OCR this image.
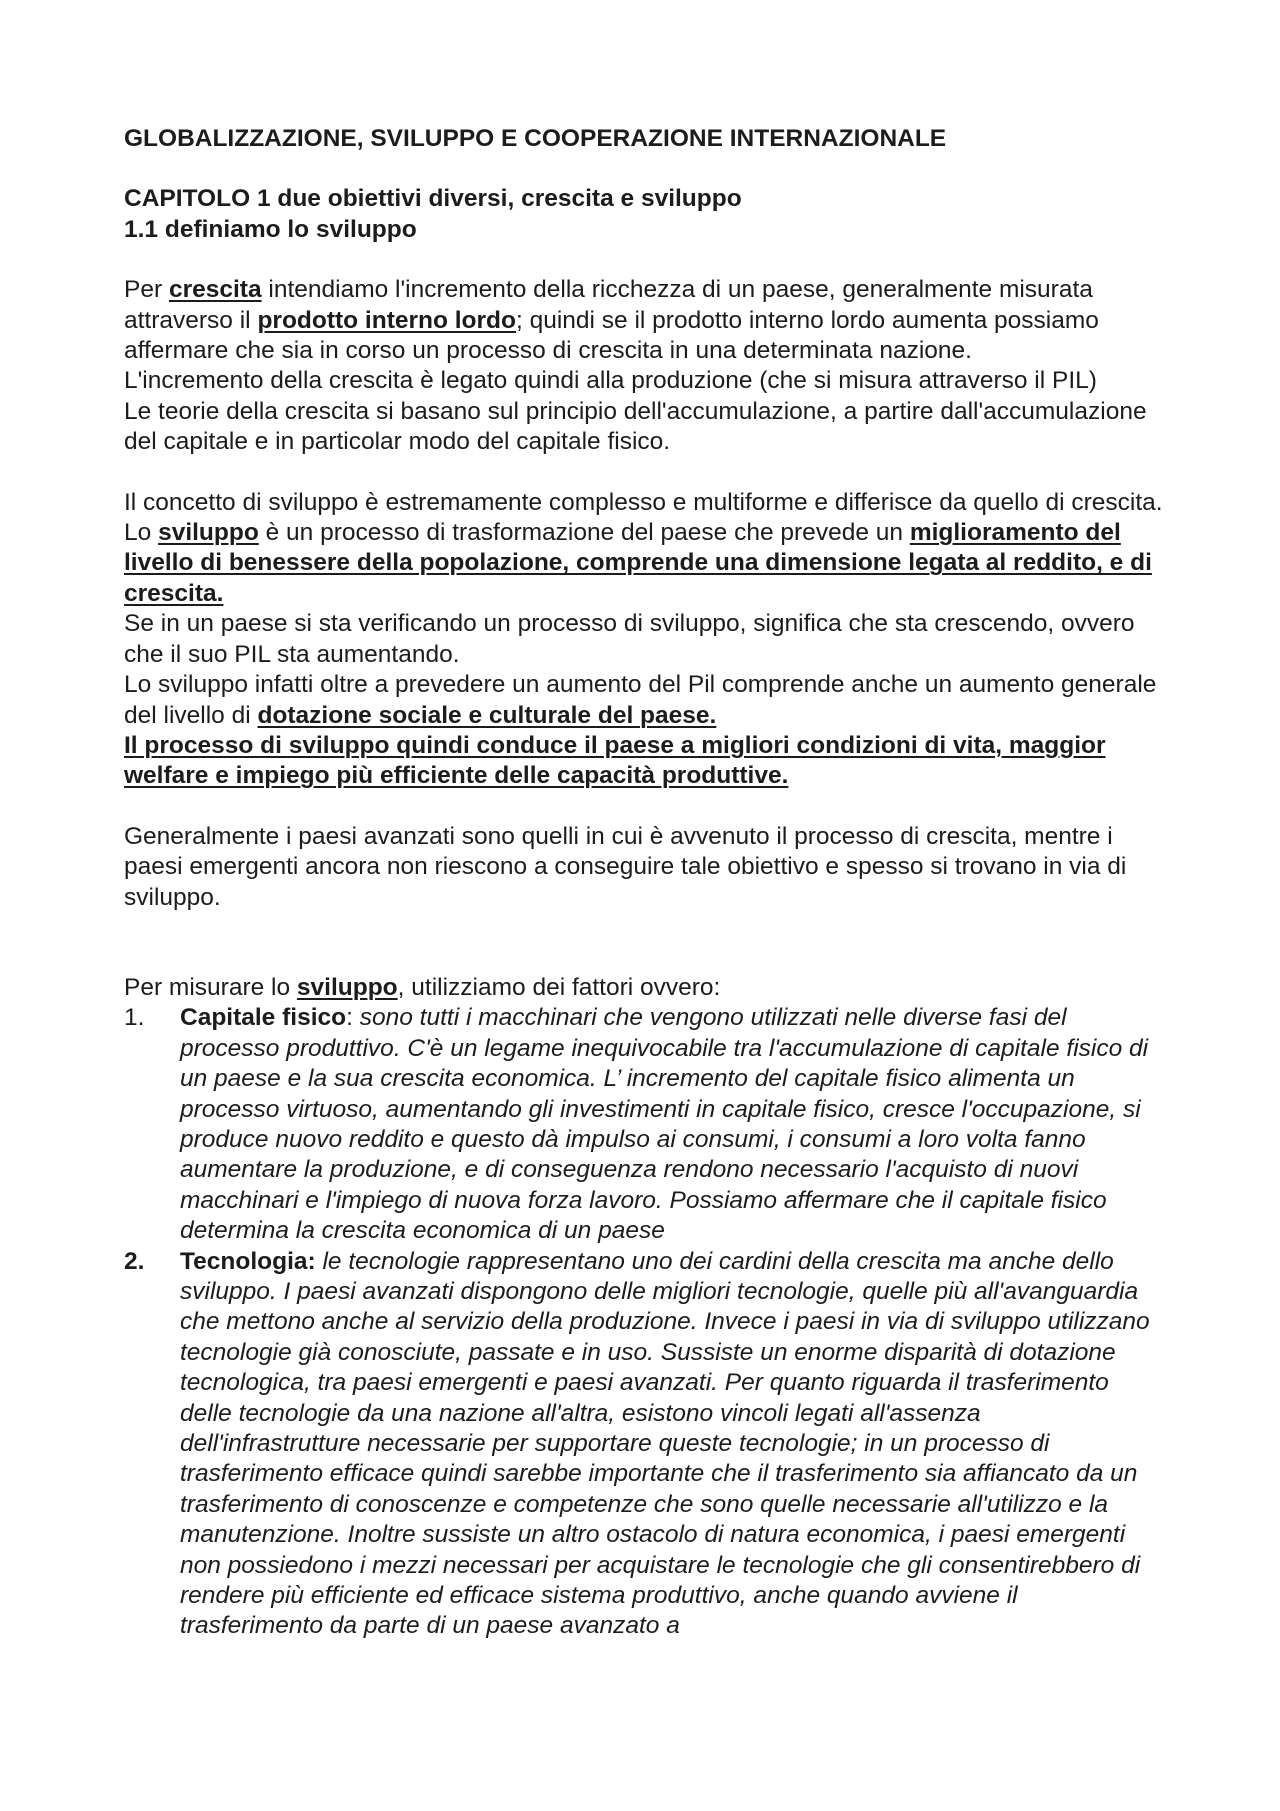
GLOBALIZZAZIONE, SVILUPPO E COOPERAZIONE INTERNAZIONALE

CAPITOLO 1 due obiettivi diversi, crescita e sviluppo

1.1 definiamo lo sviluppo

Per crescita intendiamo l'incremento della ricchezza di un paese, generalmente misurata attraverso il prodotto interno lordo; quindi se il prodotto interno lordo aumenta possiamo affermare che sia in corso un processo di crescita in una determinata nazione.

L'incremento della crescita è legato quindi alla produzione (che si misura attraverso il PIL)

Le teorie della crescita si basano sul principio dell'accumulazione, a partire dall'accumulazione del capitale e in particolar modo del capitale fisico.

Il concetto di sviluppo è estremamente complesso e multiforme e differisce da quello di crescita.

Lo sviluppo è un processo di trasformazione del paese che prevede un miglioramento del livello di benessere della popolazione, comprende una dimensione legata al reddito, e di crescita.

Se in un paese si sta verificando un processo di sviluppo, significa che sta crescendo, ovvero che il suo PIL sta aumentando.

Lo sviluppo infatti oltre a prevedere un aumento del Pil comprende anche un aumento generale del livello di dotazione sociale e culturale del paese.

Il processo di sviluppo quindi conduce il paese a migliori condizioni di vita, maggior welfare e impiego più efficiente delle capacità produttive.

Generalmente i paesi avanzati sono quelli in cui è avvenuto il processo di crescita, mentre i paesi emergenti ancora non riescono a conseguire tale obiettivo e spesso si trovano in via di sviluppo.

Per misurare lo sviluppo, utilizziamo dei fattori ovvero:

1.	Capitale fisico: sono tutti i macchinari che vengono utilizzati nelle diverse fasi del processo produttivo. C'è un legame inequivocabile tra l'accumulazione di capitale fisico di un paese e la sua crescita economica. L’ incremento del capitale fisico alimenta un processo virtuoso, aumentando gli investimenti in capitale fisico, cresce l'occupazione, si produce nuovo reddito e questo dà impulso ai consumi, i consumi a loro volta fanno aumentare la produzione, e di conseguenza rendono necessario l'acquisto di nuovi macchinari e l'impiego di nuova forza lavoro. Possiamo affermare che il capitale fisico determina la crescita economica di un paese
2.	Tecnologia: le tecnologie rappresentano uno dei cardini della crescita ma anche dello sviluppo. I paesi avanzati dispongono delle migliori tecnologie, quelle più all'avanguardia che mettono anche al servizio della produzione. Invece i paesi in via di sviluppo utilizzano tecnologie già conosciute, passate e in uso. Sussiste un enorme disparità di dotazione tecnologica, tra paesi emergenti e paesi avanzati. Per quanto riguarda il trasferimento delle tecnologie da una nazione all'altra, esistono vincoli legati all'assenza dell'infrastrutture necessarie per supportare queste tecnologie; in un processo di trasferimento efficace quindi sarebbe importante che il trasferimento sia affiancato da un trasferimento di conoscenze e competenze che sono quelle necessarie all'utilizzo e la manutenzione. Inoltre sussiste un altro ostacolo di natura economica, i paesi emergenti non possiedono i mezzi necessari per acquistare le tecnologie che gli consentirebbero di rendere più efficiente ed efficace sistema produttivo, anche quando avviene il trasferimento da parte di un paese avanzato a
